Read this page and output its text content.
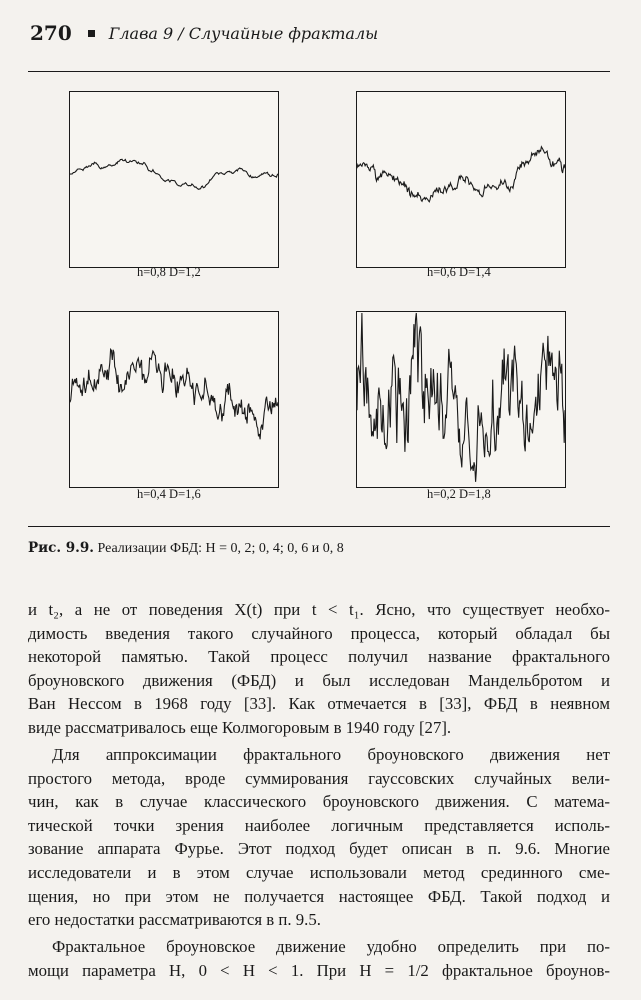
270 Глава 9 / Случайные фракталы
h=0,8 D=1,2	h=0,6 D=1,4
h=0,4 D=1,6	h=0,2 D=1,8
Рис. 9.9. Реализации ФБД: H = 0, 2; 0, 4; 0, 6 и 0, 8
и t₂, а не от поведения X(t) при t < t₁. Ясно, что существует необхо-
димость введения такого случайного процесса, который обладал бы
некоторой памятью. Такой процесс получил название фрактального
броуновского движения (ФБД) и был исследован Мандельбротом и
Ван Нессом в 1968 году [33]. Как отмечается в [33], ФБД в неявном
виде рассматривалось еще Колмогоровым в 1940 году [27].
Для аппроксимации фрактального броуновского движения нет
простого метода, вроде суммирования гауссовских случайных вели-
чин, как в случае классического броуновского движения. С матема-
тической точки зрения наиболее логичным представляется исполь-
зование аппарата Фурье. Этот подход будет описан в п. 9.6. Многие
исследователи и в этом случае использовали метод срединного сме-
щения, но при этом не получается настоящее ФБД. Такой подход и
его недостатки рассматриваются в п. 9.5.
Фрактальное броуновское движение удобно определить при по-
мощи параметра H, 0 < H < 1. При H = 1/2 фрактальное броунов-
